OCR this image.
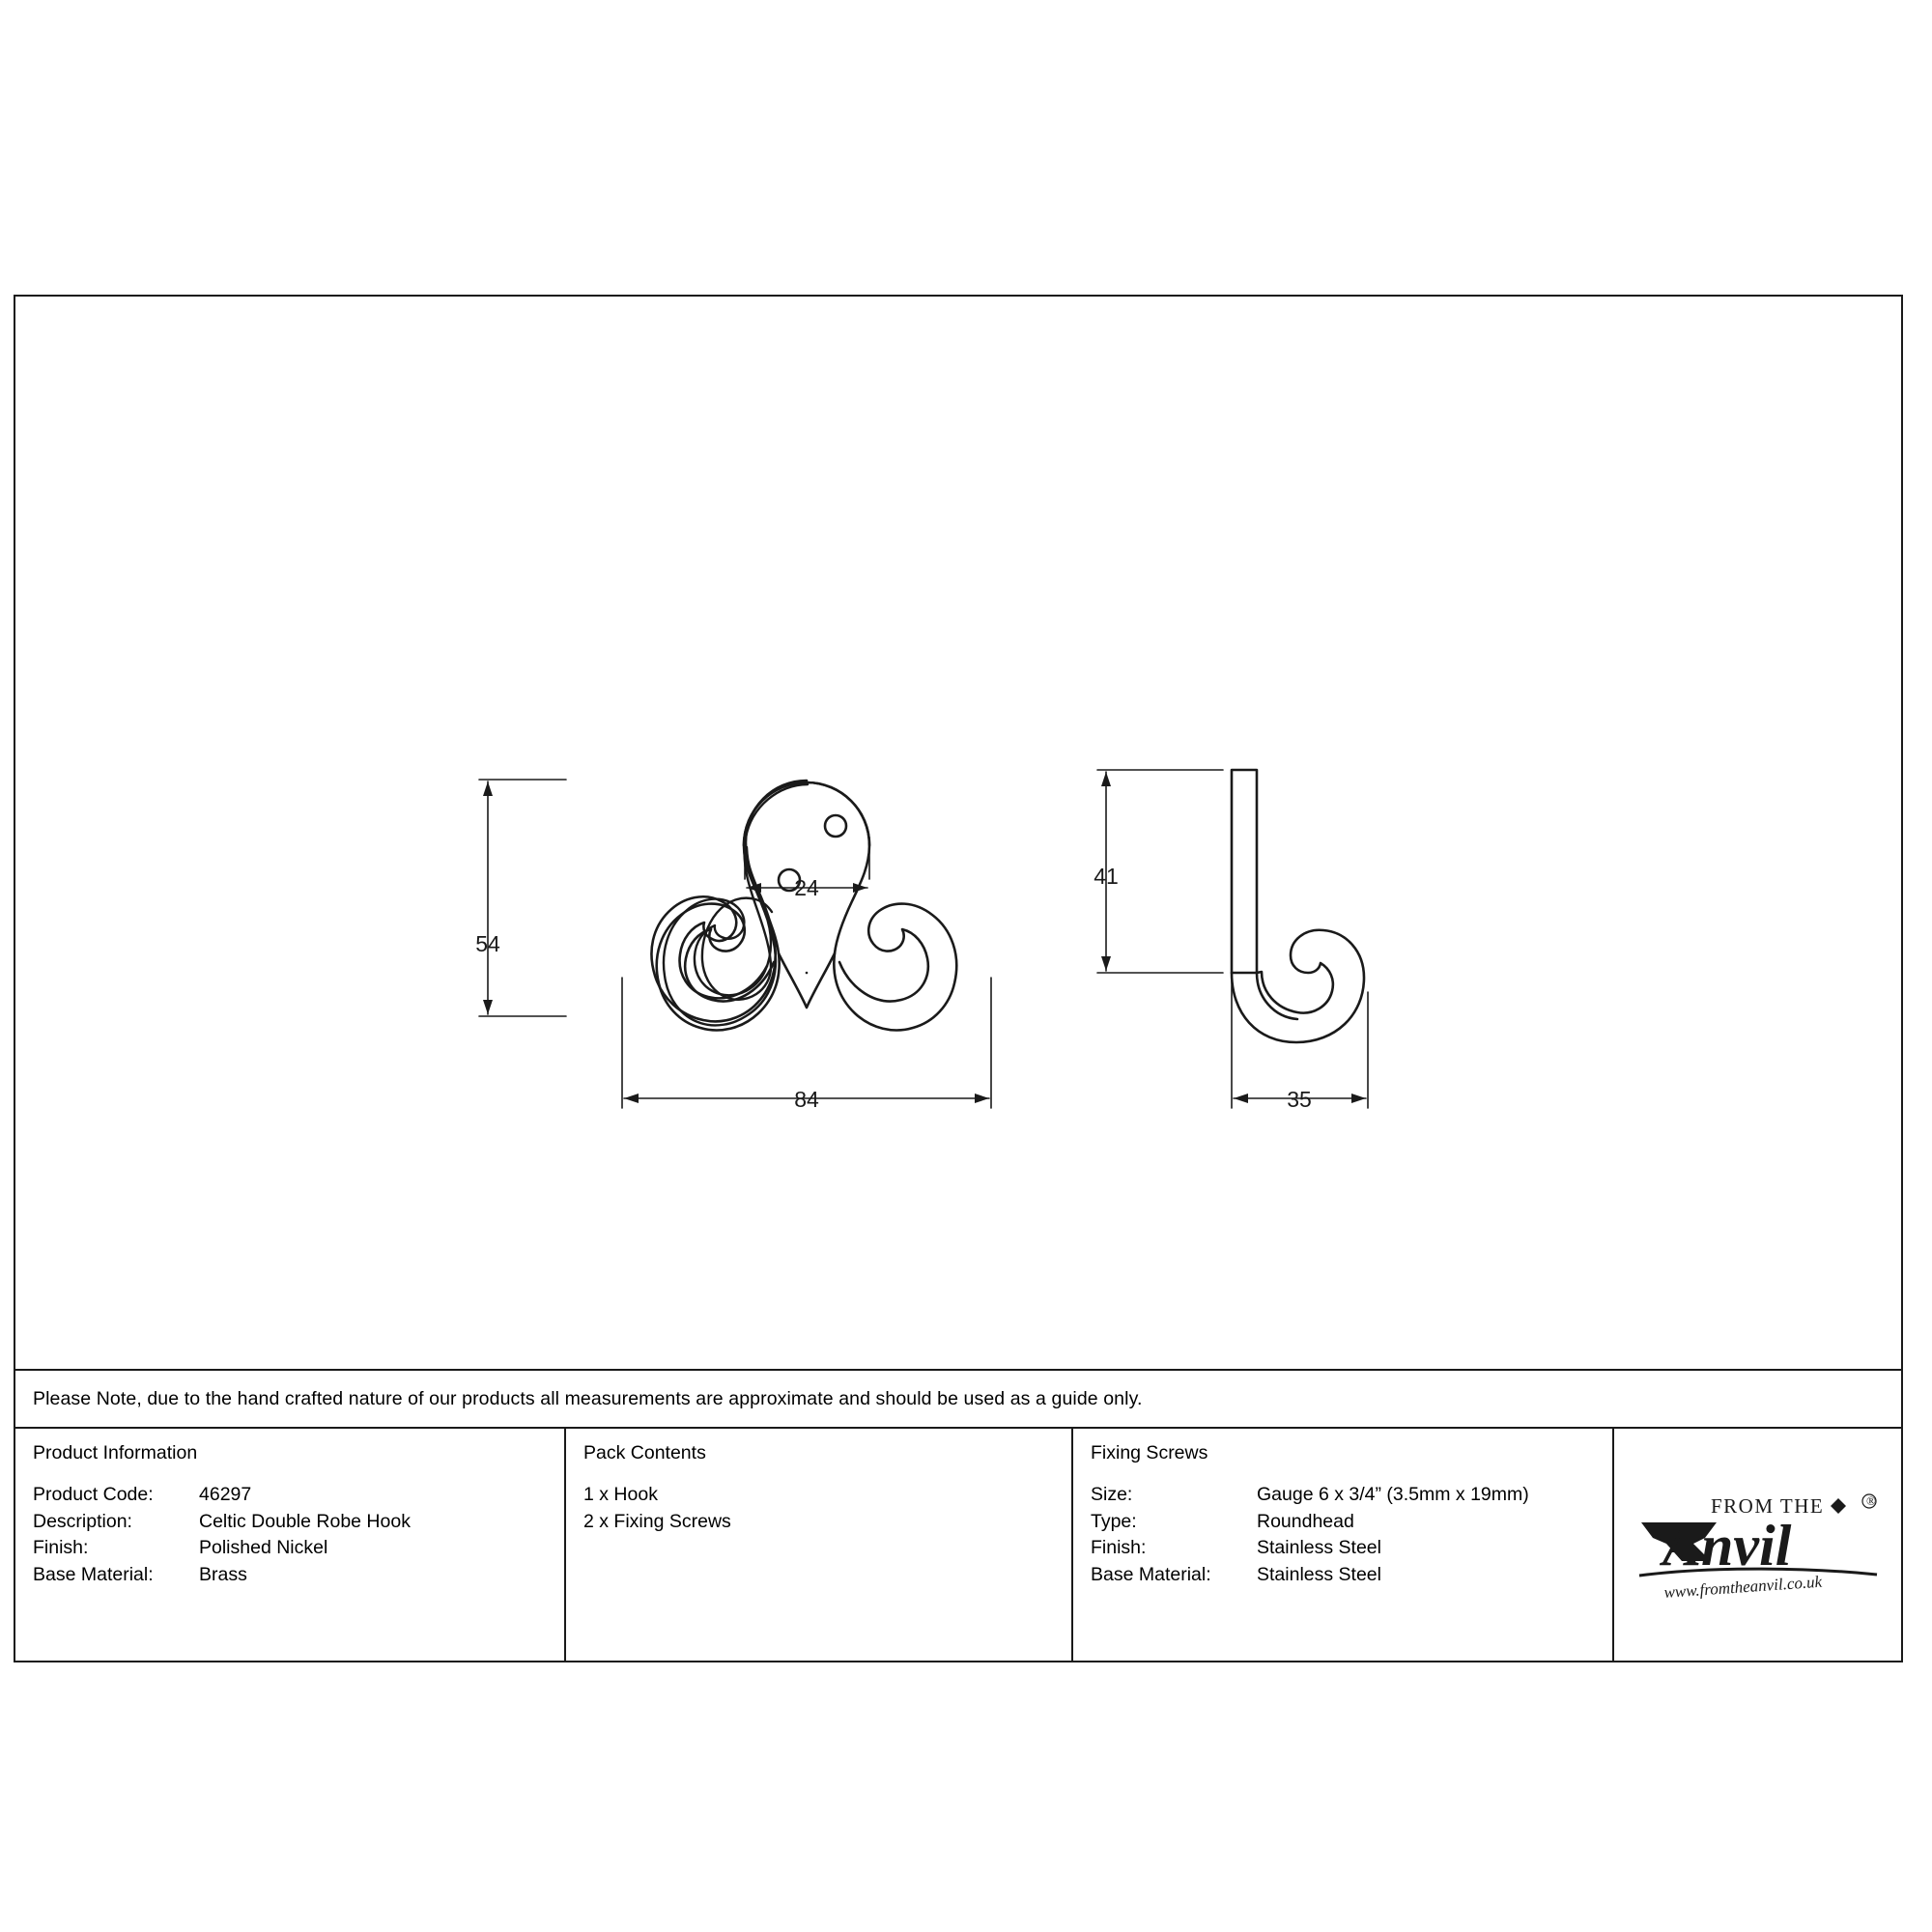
24
54
84
41
35
Please Note, due to the hand crafted nature of our products all measurements are approximate and should be used as a guide only.
Product Information
Product Code:	46297
Description:	Celtic Double Robe Hook
Finish:	Polished Nickel
Base Material:	Brass
Pack Contents
1 x Hook
2 x Fixing Screws
Fixing Screws
Size:	Gauge 6 x 3/4” (3.5mm x 19mm)
Type:	Roundhead
Finish:	Stainless Steel
Base Material:	Stainless Steel
FROM THE	®
Anvil
www.fromtheanvil.co.uk
